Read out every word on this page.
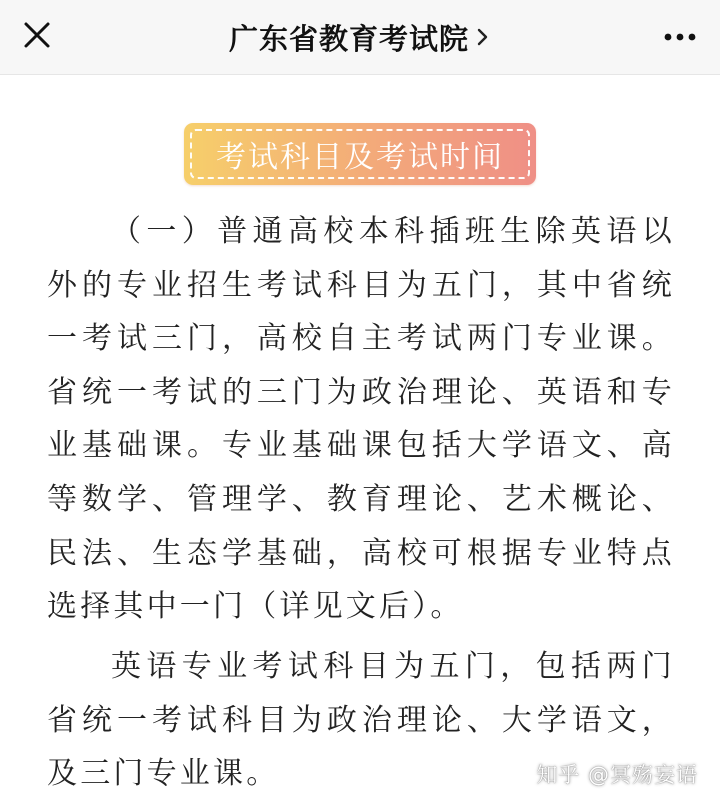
广东省教育考试院
考试科目及考试时间

（一）普通高校本科插班生除英语以外的专业招生考试科目为五门，其中省统一考试三门，高校自主考试两门专业课。省统一考试的三门为政治理论、英语和专业基础课。专业基础课包括大学语文、高等数学、管理学、教育理论、艺术概论、民法、生态学基础，高校可根据专业特点选择其中一门（详见文后）。

英语专业考试科目为五门，包括两门省统一考试科目为政治理论、大学语文，及三门专业课。	知乎 @冥殇妄语
